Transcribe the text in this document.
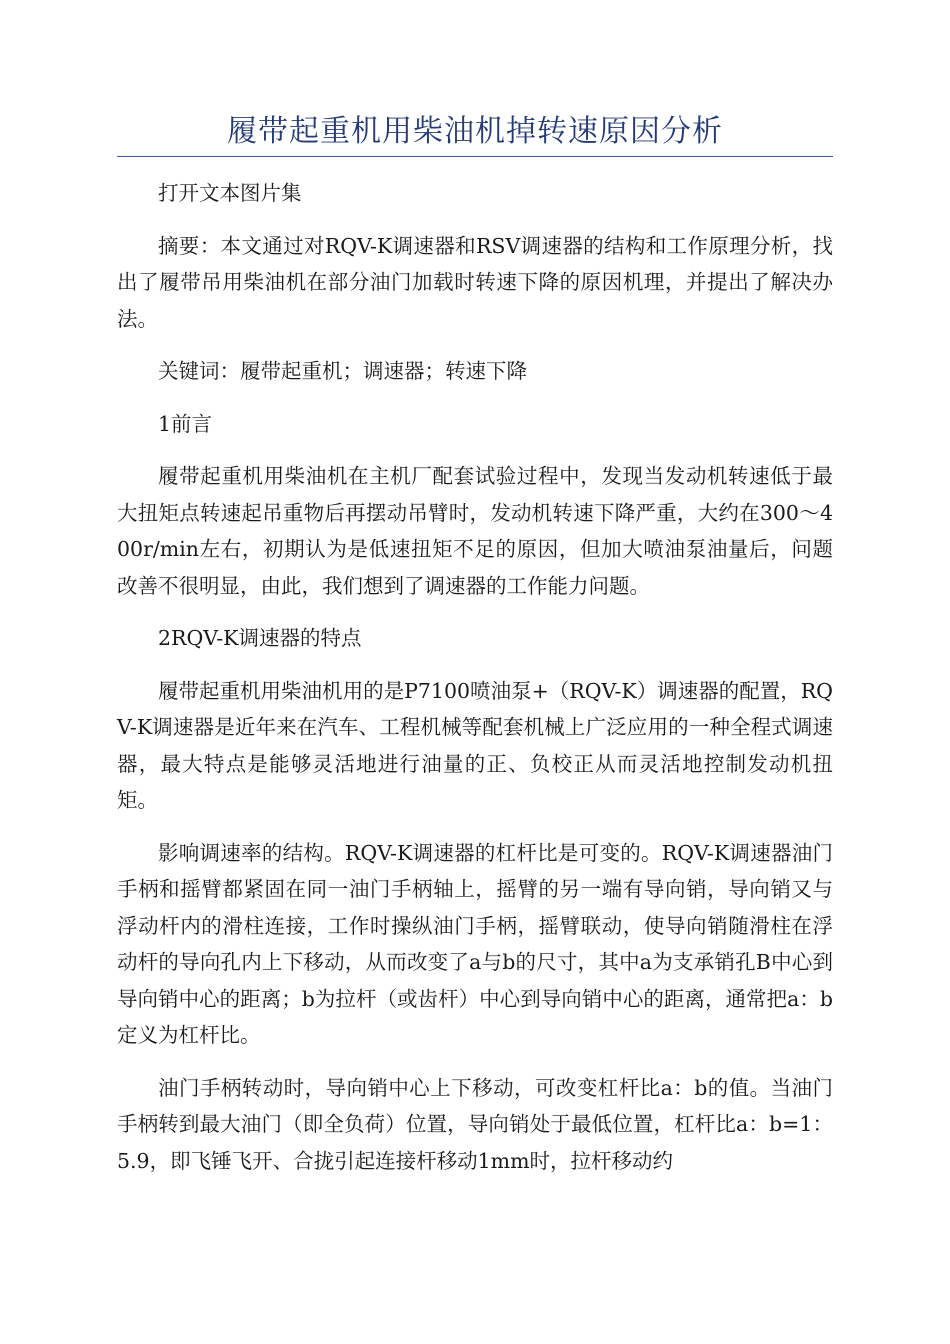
履带起重机用柴油机掉转速原因分析

打开文本图片集

摘要：本文通过对RQV-K调速器和RSV调速器的结构和工作原理分析，找出了履带吊用柴油机在部分油门加载时转速下降的原因机理，并提出了解决办法。

关键词：履带起重机；调速器；转速下降

1前言

履带起重机用柴油机在主机厂配套试验过程中，发现当发动机转速低于最大扭矩点转速起吊重物后再摆动吊臂时，发动机转速下降严重，大约在300～400r/min左右，初期认为是低速扭矩不足的原因，但加大喷油泵油量后，问题改善不很明显，由此，我们想到了调速器的工作能力问题。

2RQV-K调速器的特点

履带起重机用柴油机用的是P7100喷油泵+（RQV-K）调速器的配置，RQV-K调速器是近年来在汽车、工程机械等配套机械上广泛应用的一种全程式调速器，最大特点是能够灵活地进行油量的正、负校正从而灵活地控制发动机扭矩。

影响调速率的结构。RQV-K调速器的杠杆比是可变的。RQV-K调速器油门手柄和摇臂都紧固在同一油门手柄轴上，摇臂的另一端有导向销，导向销又与浮动杆内的滑柱连接，工作时操纵油门手柄，摇臂联动，使导向销随滑柱在浮动杆的导向孔内上下移动，从而改变了a与b的尺寸，其中a为支承销孔B中心到导向销中心的距离；b为拉杆（或齿杆）中心到导向销中心的距离，通常把a：b定义为杠杆比。

油门手柄转动时，导向销中心上下移动，可改变杠杆比a：b的值。当油门手柄转到最大油门（即全负荷）位置，导向销处于最低位置，杠杆比a：b=1：5.9，即飞锤飞开、合拢引起连接杆移动1mm时，拉杆移动约
